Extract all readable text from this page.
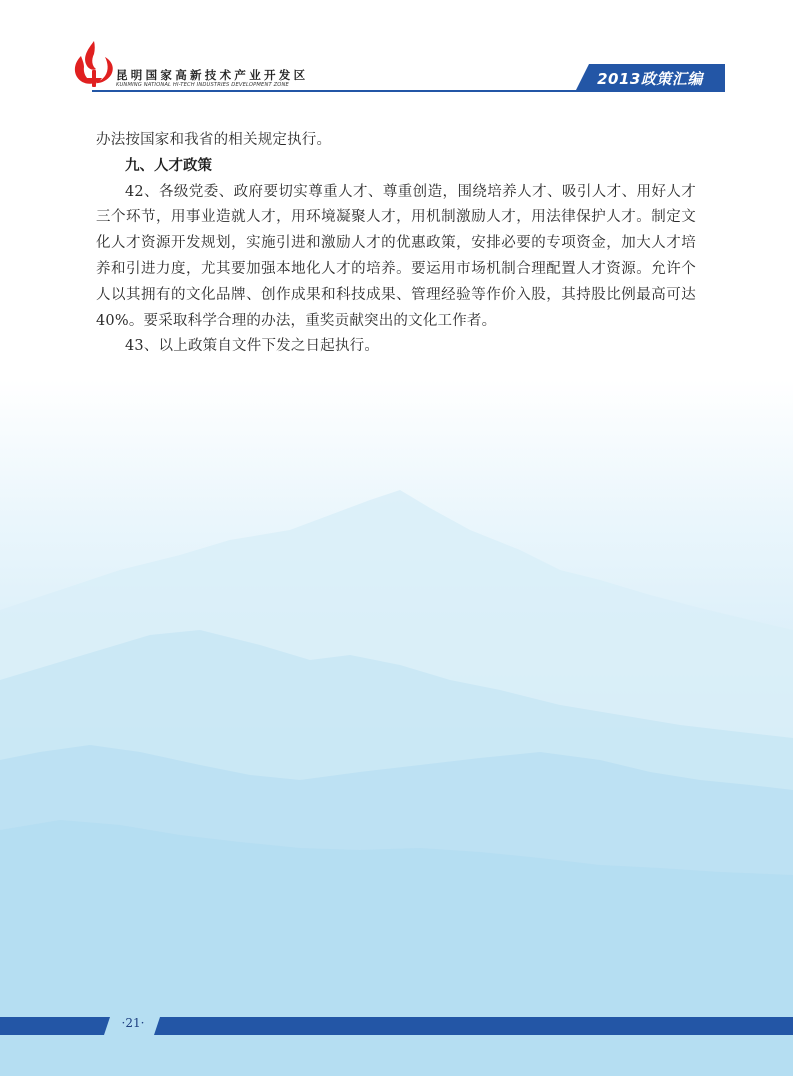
昆明国家高新技术产业开发区
KUNMING NATIONAL HI-TECH INDUSTRIES DEVELOPMENT ZONE	2013政策汇编

办法按国家和我省的相关规定执行。

九、人才政策

42、各级党委、政府要切实尊重人才、尊重创造，围绕培养人才、吸引人才、用好人才三个环节，用事业造就人才，用环境凝聚人才，用机制激励人才，用法律保护人才。制定文化人才资源开发规划，实施引进和激励人才的优惠政策，安排必要的专项资金，加大人才培养和引进力度，尤其要加强本地化人才的培养。要运用市场机制合理配置人才资源。允许个人以其拥有的文化品牌、创作成果和科技成果、管理经验等作价入股，其持股比例最高可达40%。要采取科学合理的办法，重奖贡献突出的文化工作者。

43、以上政策自文件下发之日起执行。

·21·
